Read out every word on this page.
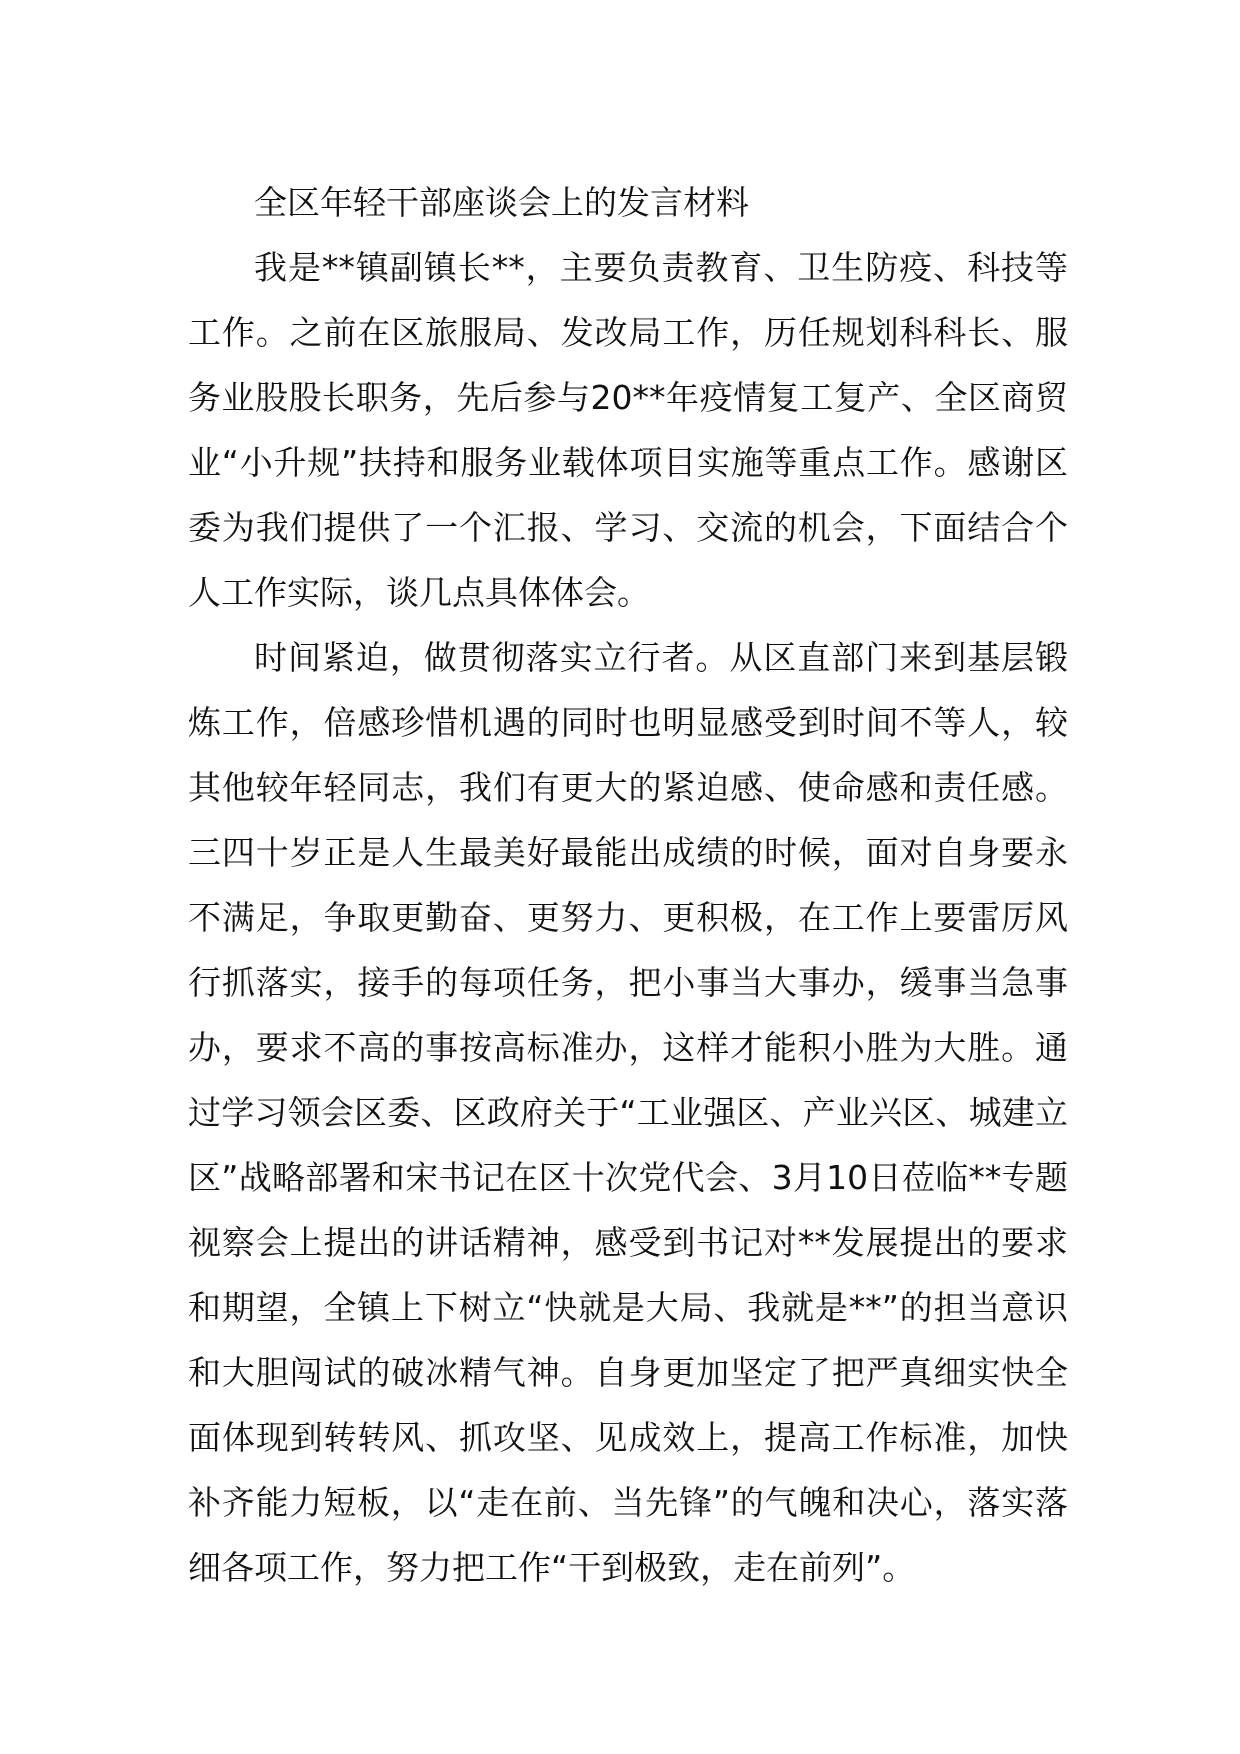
全区年轻干部座谈会上的发言材料

我是**镇副镇长**，主要负责教育、卫生防疫、科技等工作。之前在区旅服局、发改局工作，历任规划科科长、服务业股股长职务，先后参与20**年疫情复工复产、全区商贸业“小升规”扶持和服务业载体项目实施等重点工作。感谢区委为我们提供了一个汇报、学习、交流的机会，下面结合个人工作实际，谈几点具体体会。

时间紧迫，做贯彻落实立行者。从区直部门来到基层锻炼工作，倍感珍惜机遇的同时也明显感受到时间不等人，较其他较年轻同志，我们有更大的紧迫感、使命感和责任感。三四十岁正是人生最美好最能出成绩的时候，面对自身要永不满足，争取更勤奋、更努力、更积极，在工作上要雷厉风行抓落实，接手的每项任务，把小事当大事办，缓事当急事办，要求不高的事按高标准办，这样才能积小胜为大胜。通过学习领会区委、区政府关于“工业强区、产业兴区、城建立区”战略部署和宋书记在区十次党代会、3月10日莅临**专题视察会上提出的讲话精神，感受到书记对**发展提出的要求和期望，全镇上下树立“快就是大局、我就是**”的担当意识和大胆闯试的破冰精气神。自身更加坚定了把严真细实快全面体现到转转风、抓攻坚、见成效上，提高工作标准，加快补齐能力短板，以“走在前、当先锋”的气魄和决心，落实落细各项工作，努力把工作“干到极致，走在前列”。
